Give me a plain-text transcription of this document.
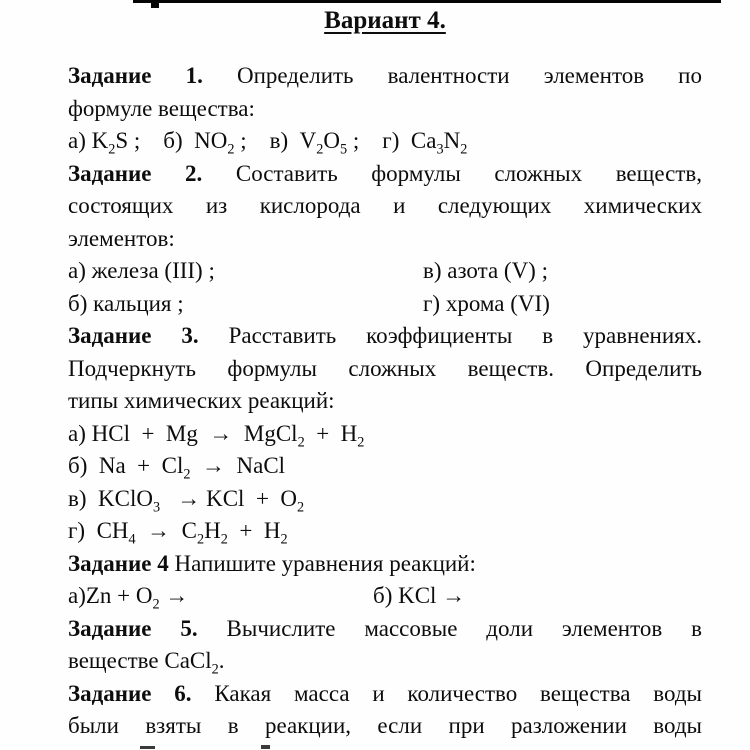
Вариант 4.
Задание 1. Определить валентности элементов по
формуле вещества:
а) $K_2S$ ;    б)  $NO_2$ ;    в)  $V_2O_5$ ;    г)  $Ca_3N_2$
Задание 2. Составить формулы сложных веществ,
состоящих из кислорода и следующих химических
элементов:
а) железа (III) ;	в) азота (V) ;
б) кальция ;	г) хрома (VI)
Задание 3. Расставить коэффициенты в уравнениях.
Подчеркнуть формулы сложных веществ. Определить
типы химических реакций:
а) HCl  +  Mg  →  MgCl$_2$  +  $H_2$
б)  $Na + Cl_2$  →  NaCl
в)  KClO$_3$   → KCl  +  $O_2$
г)  $CH_4 \to C_2H_2 + H_2$
Задание 4 Напишите уравнения реакций:
$а)Zn + O_2$ →	б) KCl →
Задание 5. Вычислите массовые доли элементов в
веществе CaCl$_2$.
Задание 6. Какая масса и количество вещества воды
были взяты в реакции, если при разложении воды
